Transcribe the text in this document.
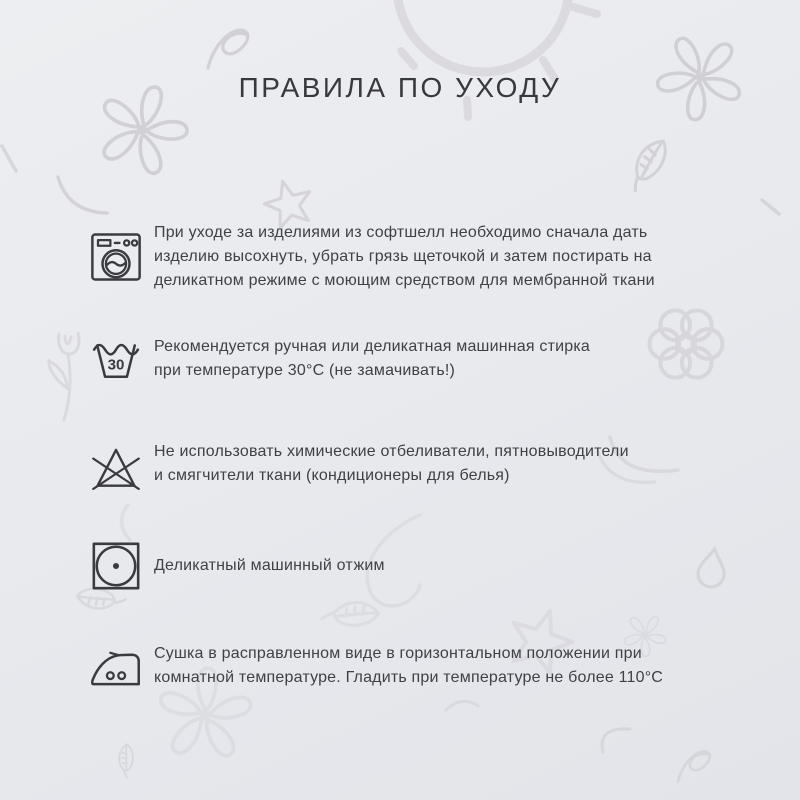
ПРАВИЛА ПО УХОДУ
При уходе за изделиями из софтшелл необходимо сначала дать
изделию высохнуть, убрать грязь щеточкой и затем постирать на
деликатном режиме с моющим средством для мембранной ткани
30
Рекомендуется ручная или деликатная машинная стирка
при температуре 30°С (не замачивать!)
Не использовать химические отбеливатели, пятновыводители
и смягчители ткани (кондиционеры для белья)
Деликатный машинный отжим
Сушка в расправленном виде в горизонтальном положении при
комнатной температуре. Гладить при температуре не более 110°С
